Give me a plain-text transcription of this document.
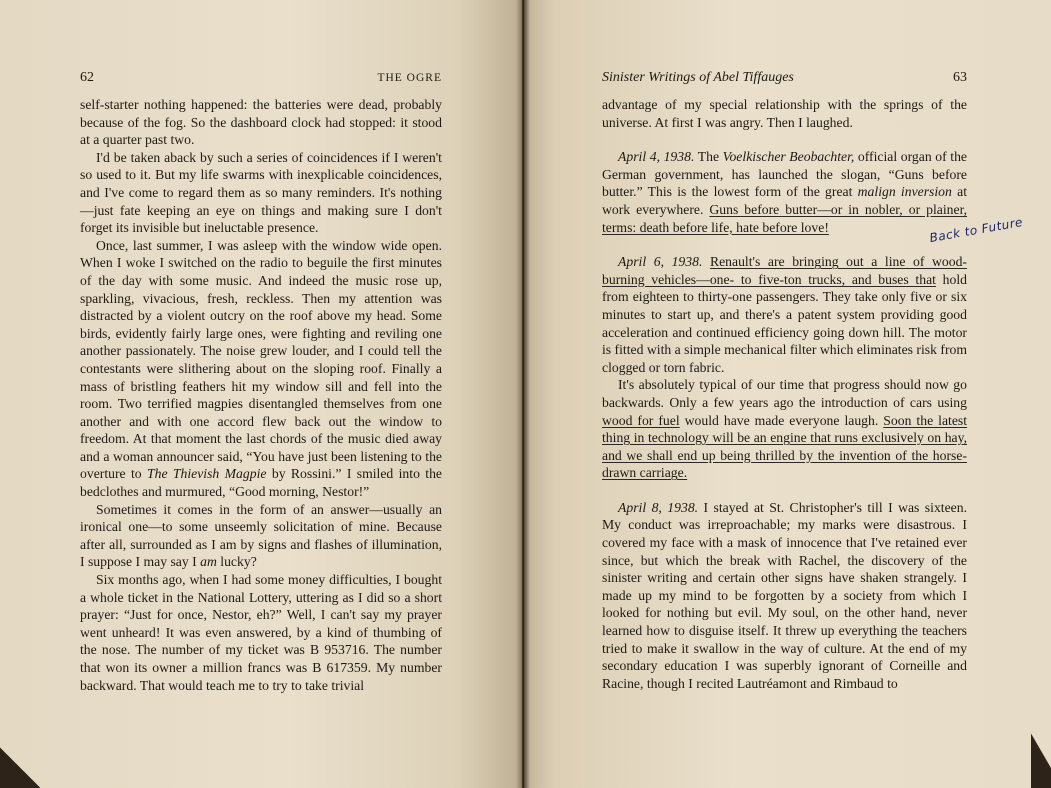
62	THE OGRE

self-starter nothing happened: the batteries were dead, probably because of the fog. So the dashboard clock had stopped: it stood at a quarter past two.

I'd be taken aback by such a series of coincidences if I weren't so used to it. But my life swarms with inexplicable coincidences, and I've come to regard them as so many reminders. It's nothing—just fate keeping an eye on things and making sure I don't forget its invisible but ineluctable presence.

Once, last summer, I was asleep with the window wide open. When I woke I switched on the radio to beguile the first minutes of the day with some music. And indeed the music rose up, sparkling, vivacious, fresh, reckless. Then my attention was distracted by a violent outcry on the roof above my head. Some birds, evidently fairly large ones, were fighting and reviling one another passionately. The noise grew louder, and I could tell the contestants were slithering about on the sloping roof. Finally a mass of bristling feathers hit my window sill and fell into the room. Two terrified magpies disentangled themselves from one another and with one accord flew back out the window to freedom. At that moment the last chords of the music died away and a woman announcer said, “You have just been listening to the overture to The Thievish Magpie by Rossini.” I smiled into the bedclothes and murmured, “Good morning, Nestor!”

Sometimes it comes in the form of an answer—usually an ironical one—to some unseemly solicitation of mine. Because after all, surrounded as I am by signs and flashes of illumination, I suppose I may say I am lucky?

Six months ago, when I had some money difficulties, I bought a whole ticket in the National Lottery, uttering as I did so a short prayer: “Just for once, Nestor, eh?” Well, I can't say my prayer went unheard! It was even answered, by a kind of thumbing of the nose. The number of my ticket was B 953716. The number that won its owner a million francs was B 617359. My number backward. That would teach me to try to take trivial

Sinister Writings of Abel Tiffauges	63

advantage of my special relationship with the springs of the universe. At first I was angry. Then I laughed.

April 4, 1938. The Voelkischer Beobachter, official organ of the German government, has launched the slogan, “Guns before butter.” This is the lowest form of the great malign inversion at work everywhere. Guns before butter—or in nobler, or plainer, terms: death before life, hate before love!

April 6, 1938. Renault's are bringing out a line of wood-burning vehicles—one- to five-ton trucks, and buses that hold from eighteen to thirty-one passengers. They take only five or six minutes to start up, and there's a patent system providing good acceleration and continued efficiency going down hill. The motor is fitted with a simple mechanical filter which eliminates risk from clogged or torn fabric.

It's absolutely typical of our time that progress should now go backwards. Only a few years ago the introduction of cars using wood for fuel would have made everyone laugh. Soon the latest thing in technology will be an engine that runs exclusively on hay, and we shall end up being thrilled by the invention of the horse-drawn carriage.

April 8, 1938. I stayed at St. Christopher's till I was sixteen. My conduct was irreproachable; my marks were disastrous. I covered my face with a mask of innocence that I've retained ever since, but which the break with Rachel, the discovery of the sinister writing and certain other signs have shaken strangely. I made up my mind to be forgotten by a society from which I looked for nothing but evil. My soul, on the other hand, never learned how to disguise itself. It threw up everything the teachers tried to make it swallow in the way of culture. At the end of my secondary education I was superbly ignorant of Corneille and Racine, though I recited Lautréamont and Rimbaud to

Back to Future
